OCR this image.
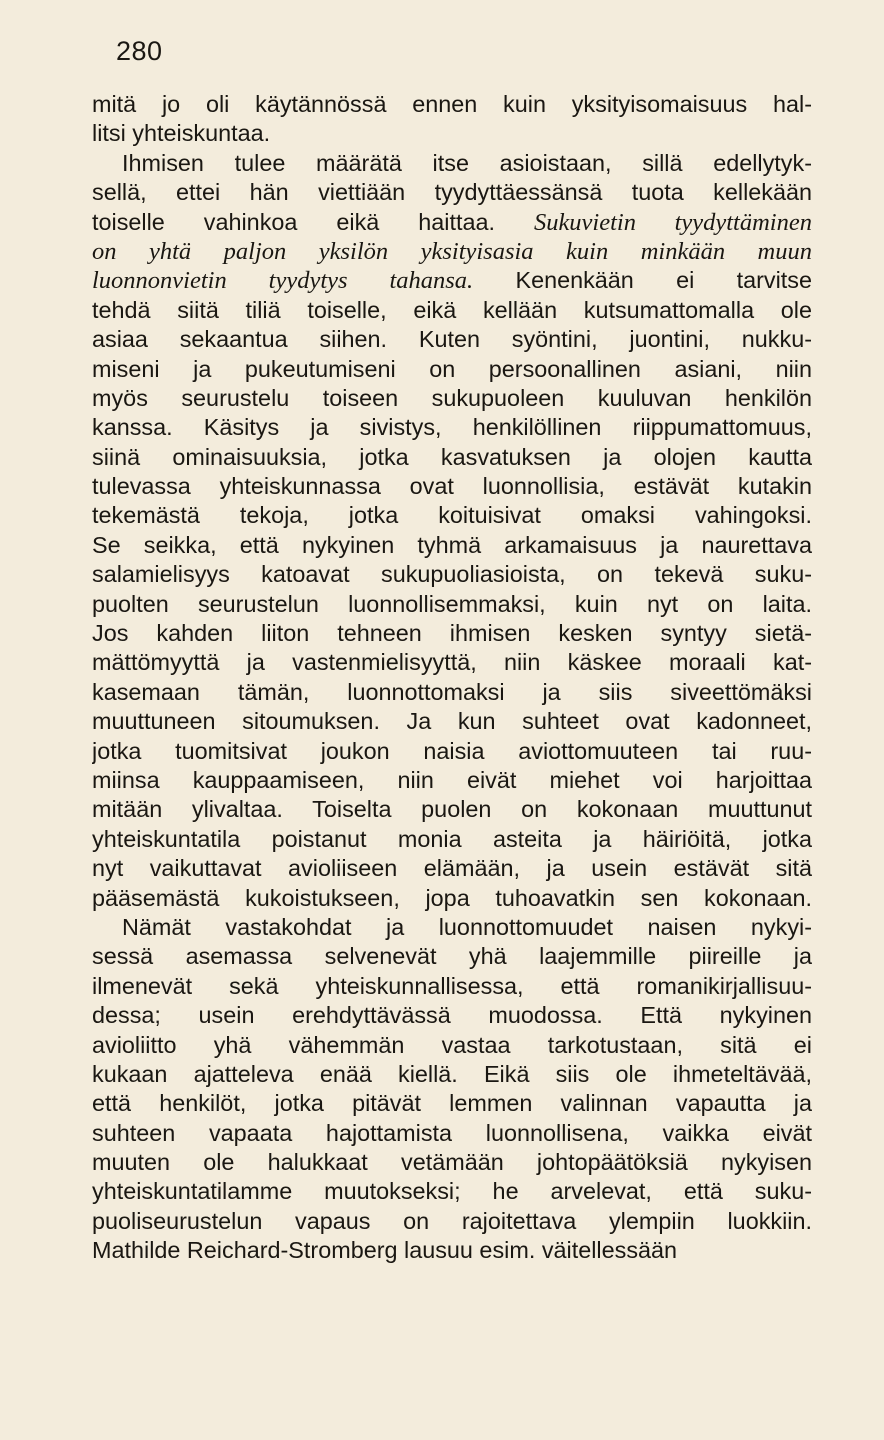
280
mitä jo oli käytännössä ennen kuin yksityisomaisuus hal-
litsi yhteiskuntaa.
Ihmisen tulee määrätä itse asioistaan, sillä edellytyk-
sellä, ettei hän viettiään tyydyttäessänsä tuota kellekään
toiselle vahinkoa eikä haittaa. Sukuvietin tyydyttäminen
on yhtä paljon yksilön yksityisasia kuin minkään muun
luonnonvietin tyydytys tahansa. Kenenkään ei tarvitse
tehdä siitä tiliä toiselle, eikä kellään kutsumattomalla ole
asiaa sekaantua siihen. Kuten syöntini, juontini, nukku-
miseni ja pukeutumiseni on persoonallinen asiani, niin
myös seurustelu toiseen sukupuoleen kuuluvan henkilön
kanssa. Käsitys ja sivistys, henkilöllinen riippumattomuus,
siinä ominaisuuksia, jotka kasvatuksen ja olojen kautta
tulevassa yhteiskunnassa ovat luonnollisia, estävät kutakin
tekemästä tekoja, jotka koituisivat omaksi vahingoksi.
Se seikka, että nykyinen tyhmä arkamaisuus ja naurettava
salamielisyys katoavat sukupuoliasioista, on tekevä suku-
puolten seurustelun luonnollisemmaksi, kuin nyt on laita.
Jos kahden liiton tehneen ihmisen kesken syntyy sietä-
mättömyyttä ja vastenmielisyyttä, niin käskee moraali kat-
kasemaan tämän, luonnottomaksi ja siis siveettömäksi
muuttuneen sitoumuksen. Ja kun suhteet ovat kadonneet,
jotka tuomitsivat joukon naisia aviottomuuteen tai ruu-
miinsa kauppaamiseen, niin eivät miehet voi harjoittaa
mitään ylivaltaa. Toiselta puolen on kokonaan muuttunut
yhteiskuntatila poistanut monia asteita ja häiriöitä, jotka
nyt vaikuttavat avioliiseen elämään, ja usein estävät sitä
pääsemästä kukoistukseen, jopa tuhoavatkin sen kokonaan.
Nämät vastakohdat ja luonnottomuudet naisen nykyi-
sessä asemassa selvenevät yhä laajemmille piireille ja
ilmenevät sekä yhteiskunnallisessa, että romanikirjallisuu-
dessa; usein erehdyttävässä muodossa. Että nykyinen
avioliitto yhä vähemmän vastaa tarkotustaan, sitä ei
kukaan ajatteleva enää kiellä. Eikä siis ole ihmeteltävää,
että henkilöt, jotka pitävät lemmen valinnan vapautta ja
suhteen vapaata hajottamista luonnollisena, vaikka eivät
muuten ole halukkaat vetämään johtopäätöksiä nykyisen
yhteiskuntatilamme muutokseksi; he arvelevat, että suku-
puoliseurustelun vapaus on rajoitettava ylempiin luokkiin.
Mathilde Reichard-Stromberg lausuu esim. väitellessään
